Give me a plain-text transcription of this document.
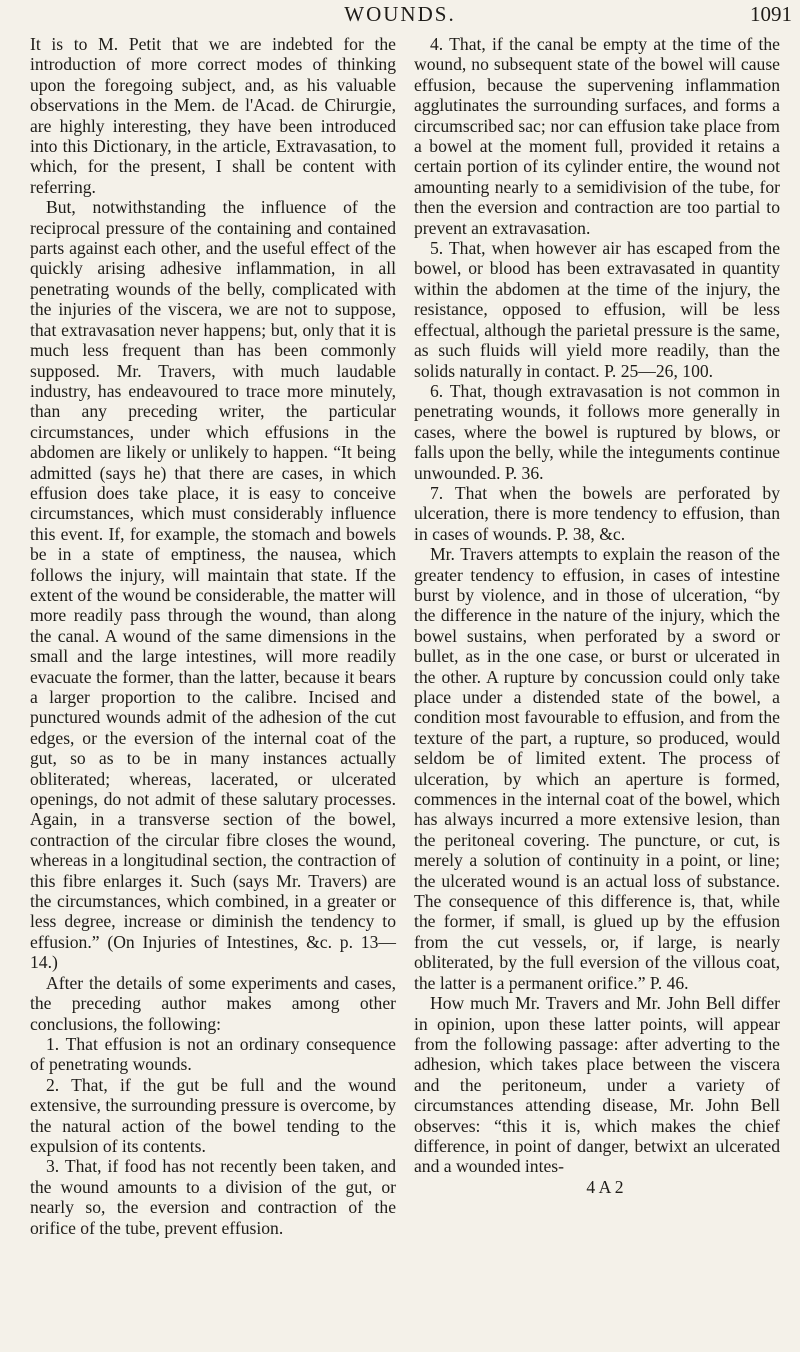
WOUNDS.	1091

It is to M. Petit that we are indebted for the introduction of more correct modes of thinking upon the foregoing subject, and, as his valuable observations in the Mem. de l'Acad. de Chirurgie, are highly interesting, they have been introduced into this Dictionary, in the article, Extravasation, to which, for the present, I shall be content with referring.

But, notwithstanding the influence of the reciprocal pressure of the containing and contained parts against each other, and the useful effect of the quickly arising adhesive inflammation, in all penetrating wounds of the belly, complicated with the injuries of the viscera, we are not to suppose, that extravasation never happens; but, only that it is much less frequent than has been commonly supposed. Mr. Travers, with much laudable industry, has endeavoured to trace more minutely, than any preceding writer, the particular circumstances, under which effusions in the abdomen are likely or unlikely to happen. “It being admitted (says he) that there are cases, in which effusion does take place, it is easy to conceive circumstances, which must considerably influence this event. If, for example, the stomach and bowels be in a state of emptiness, the nausea, which follows the injury, will maintain that state. If the extent of the wound be considerable, the matter will more readily pass through the wound, than along the canal. A wound of the same dimensions in the small and the large intestines, will more readily evacuate the former, than the latter, because it bears a larger proportion to the calibre. Incised and punctured wounds admit of the adhesion of the cut edges, or the eversion of the internal coat of the gut, so as to be in many instances actually obliterated; whereas, lacerated, or ulcerated openings, do not admit of these salutary processes. Again, in a transverse section of the bowel, contraction of the circular fibre closes the wound, whereas in a longitudinal section, the contraction of this fibre enlarges it. Such (says Mr. Travers) are the circumstances, which combined, in a greater or less degree, increase or diminish the tendency to effusion.” (On Injuries of Intestines, &c. p. 13—14.)

After the details of some experiments and cases, the preceding author makes among other conclusions, the following:

1. That effusion is not an ordinary consequence of penetrating wounds.

2. That, if the gut be full and the wound extensive, the surrounding pressure is overcome, by the natural action of the bowel tending to the expulsion of its contents.

3. That, if food has not recently been taken, and the wound amounts to a division of the gut, or nearly so, the eversion and contraction of the orifice of the tube, prevent effusion.

4. That, if the canal be empty at the time of the wound, no subsequent state of the bowel will cause effusion, because the supervening inflammation agglutinates the surrounding surfaces, and forms a circumscribed sac; nor can effusion take place from a bowel at the moment full, provided it retains a certain portion of its cylinder entire, the wound not amounting nearly to a semidivision of the tube, for then the eversion and contraction are too partial to prevent an extravasation.

5. That, when however air has escaped from the bowel, or blood has been extravasated in quantity within the abdomen at the time of the injury, the resistance, opposed to effusion, will be less effectual, although the parietal pressure is the same, as such fluids will yield more readily, than the solids naturally in contact. P. 25—26, 100.

6. That, though extravasation is not common in penetrating wounds, it follows more generally in cases, where the bowel is ruptured by blows, or falls upon the belly, while the integuments continue unwounded. P. 36.

7. That when the bowels are perforated by ulceration, there is more tendency to effusion, than in cases of wounds. P. 38, &c.

Mr. Travers attempts to explain the reason of the greater tendency to effusion, in cases of intestine burst by violence, and in those of ulceration, “by the difference in the nature of the injury, which the bowel sustains, when perforated by a sword or bullet, as in the one case, or burst or ulcerated in the other. A rupture by concussion could only take place under a distended state of the bowel, a condition most favourable to effusion, and from the texture of the part, a rupture, so produced, would seldom be of limited extent. The process of ulceration, by which an aperture is formed, commences in the internal coat of the bowel, which has always incurred a more extensive lesion, than the peritoneal covering. The puncture, or cut, is merely a solution of continuity in a point, or line; the ulcerated wound is an actual loss of substance. The consequence of this difference is, that, while the former, if small, is glued up by the effusion from the cut vessels, or, if large, is nearly obliterated, by the full eversion of the villous coat, the latter is a permanent orifice.” P. 46.

How much Mr. Travers and Mr. John Bell differ in opinion, upon these latter points, will appear from the following passage: after adverting to the adhesion, which takes place between the viscera and the peritoneum, under a variety of circumstances attending disease, Mr. John Bell observes: “this it is, which makes the chief difference, in point of danger, betwixt an ulcerated and a wounded intes-

4 A 2
